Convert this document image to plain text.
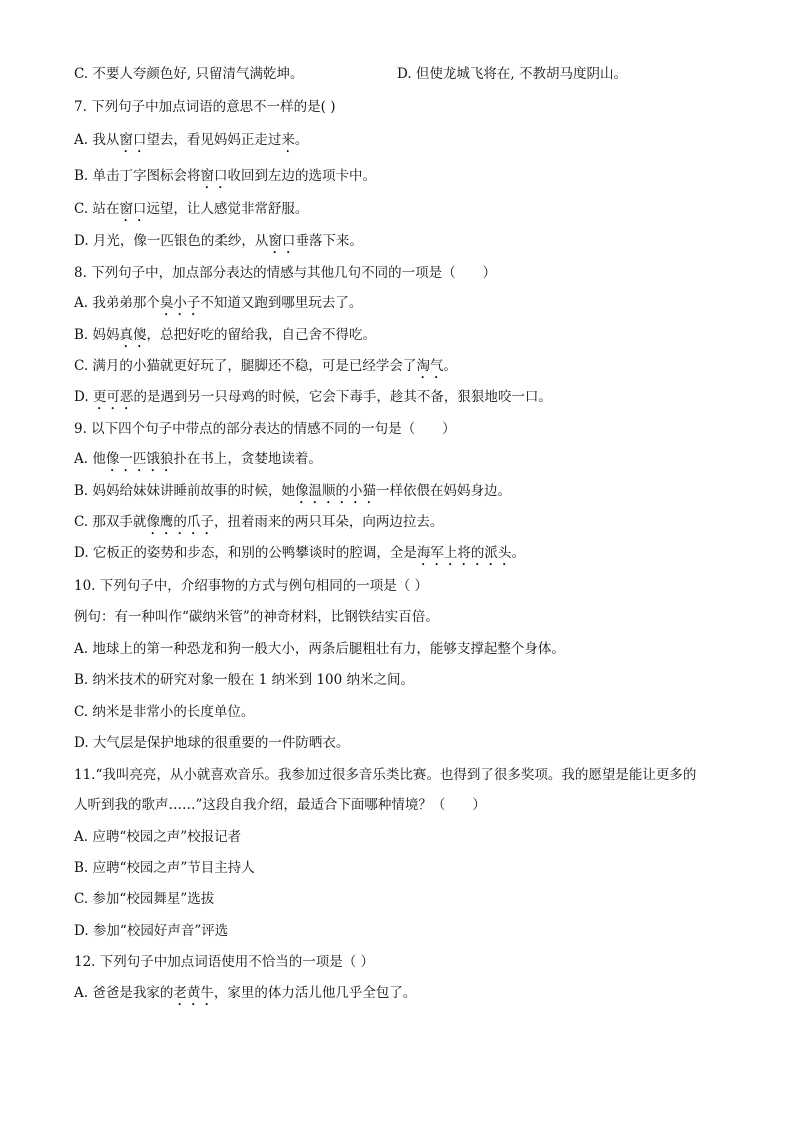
C. 不要人夸颜色好, 只留清气满乾坤。	D. 但使龙城飞将在, 不教胡马度阴山。
7. 下列句子中加点词语的意思不一样的是( )
A. 我从窗口望去，看见妈妈正走过来。
B. 单击丁字图标会将窗口收回到左边的选项卡中。
C. 站在窗口远望，让人感觉非常舒服。
D. 月光，像一匹银色的柔纱，从窗口垂落下来。
8. 下列句子中，加点部分表达的情感与其他几句不同的一项是（　　）
A. 我弟弟那个臭小子不知道又跑到哪里玩去了。
B. 妈妈真傻，总把好吃的留给我，自己舍不得吃。
C. 满月的小猫就更好玩了，腿脚还不稳，可是已经学会了淘气。
D. 更可恶的是遇到另一只母鸡的时候，它会下毒手，趁其不备，狠狠地咬一口。
9. 以下四个句子中带点的部分表达的情感不同的一句是（　　）
A. 他像一匹饿狼扑在书上，贪婪地读着。
B. 妈妈给妹妹讲睡前故事的时候，她像温顺的小猫一样依偎在妈妈身边。
C. 那双手就像鹰的爪子，扭着雨来的两只耳朵，向两边拉去。
D. 它板正的姿势和步态，和别的公鸭攀谈时的腔调，全是海军上将的派头。
10. 下列句子中，介绍事物的方式与例句相同的一项是（ ）
例句：有一种叫作“碳纳米管”的神奇材料，比钢铁结实百倍。
A. 地球上的第一种恐龙和狗一般大小，两条后腿粗壮有力，能够支撑起整个身体。
B. 纳米技术的研究对象一般在 1 纳米到 100 纳米之间。
C. 纳米是非常小的长度单位。
D. 大气层是保护地球的很重要的一件防晒衣。
11.“我叫亮亮，从小就喜欢音乐。我参加过很多音乐类比赛。也得到了很多奖项。我的愿望是能让更多的
人听到我的歌声……”这段自我介绍，最适合下面哪种情境？（　　）
A. 应聘“校园之声”校报记者
B. 应聘“校园之声”节目主持人
C. 参加“校园舞星”选拔
D. 参加“校园好声音”评选
12. 下列句子中加点词语使用不恰当的一项是（ ）
A. 爸爸是我家的老黄牛，家里的体力活儿他几乎全包了。
